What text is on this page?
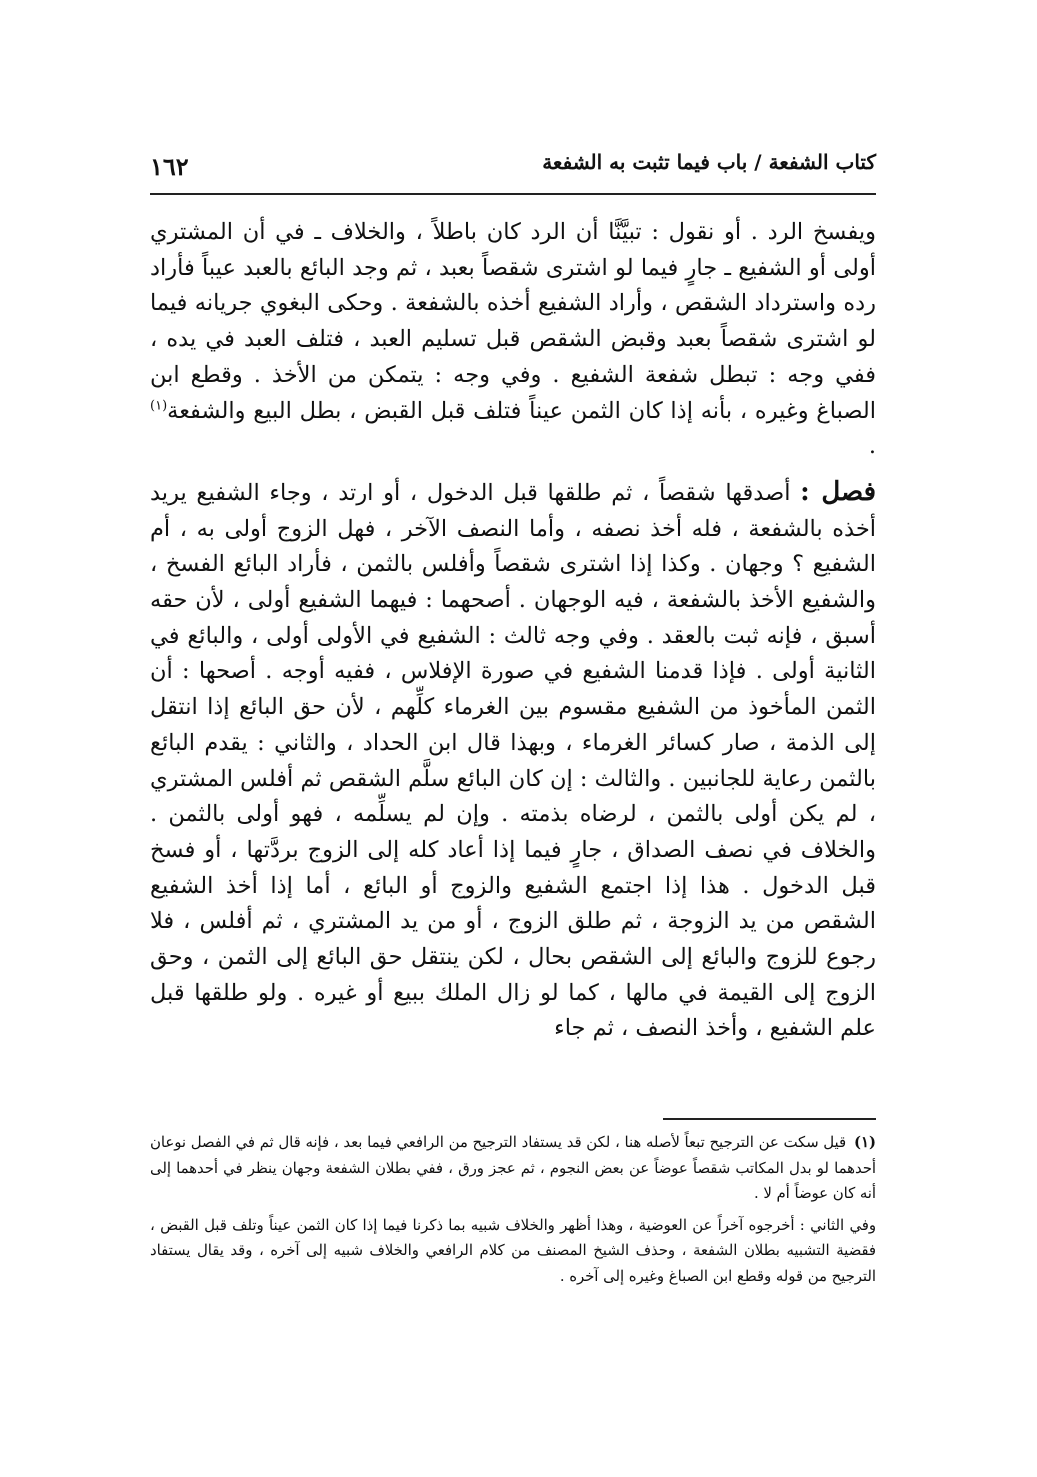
كتاب الشفعة / باب فيما تثبت به الشفعة
١٦٢

ويفسخ الرد . أو نقول : تبيَّنَّا أن الرد كان باطلاً ، والخلاف ـ في أن المشتري أولى أو الشفيع ـ جارٍ فيما لو اشترى شقصاً بعبد ، ثم وجد البائع بالعبد عيباً فأراد رده واسترداد الشقص ، وأراد الشفيع أخذه بالشفعة . وحكى البغوي جريانه فيما لو اشترى شقصاً بعبد وقبض الشقص قبل تسليم العبد ، فتلف العبد في يده ، ففي وجه : تبطل شفعة الشفيع . وفي وجه : يتمكن من الأخذ . وقطع ابن الصباغ وغيره ، بأنه إذا كان الثمن عيناً فتلف قبل القبض ، بطل البيع والشفعة$^{(١)}$ .

فصل : أصدقها شقصاً ، ثم طلقها قبل الدخول ، أو ارتد ، وجاء الشفيع يريد أخذه بالشفعة ، فله أخذ نصفه ، وأما النصف الآخر ، فهل الزوج أولى به ، أم الشفيع ؟ وجهان . وكذا إذا اشترى شقصاً وأفلس بالثمن ، فأراد البائع الفسخ ، والشفيع الأخذ بالشفعة ، فيه الوجهان . أصحهما : فيهما الشفيع أولى ، لأن حقه أسبق ، فإنه ثبت بالعقد . وفي وجه ثالث : الشفيع في الأولى أولى ، والبائع في الثانية أولى . فإذا قدمنا الشفيع في صورة الإفلاس ، ففيه أوجه . أصحها : أن الثمن المأخوذ من الشفيع مقسوم بين الغرماء كلِّهم ، لأن حق البائع إذا انتقل إلى الذمة ، صار كسائر الغرماء ، وبهذا قال ابن الحداد ، والثاني : يقدم البائع بالثمن رعاية للجانبين . والثالث : إن كان البائع سلَّم الشقص ثم أفلس المشتري ، لم يكن أولى بالثمن ، لرضاه بذمته . وإن لم يسلِّمه ، فهو أولى بالثمن . والخلاف في نصف الصداق ، جارٍ فيما إذا أعاد كله إلى الزوج بردَّتها ، أو فسخ قبل الدخول . هذا إذا اجتمع الشفيع والزوج أو البائع ، أما إذا أخذ الشفيع الشقص من يد الزوجة ، ثم طلق الزوج ، أو من يد المشتري ، ثم أفلس ، فلا رجوع للزوج والبائع إلى الشقص بحال ، لكن ينتقل حق البائع إلى الثمن ، وحق الزوج إلى القيمة في مالها ، كما لو زال الملك ببيع أو غيره . ولو طلقها قبل علم الشفيع ، وأخذ النصف ، ثم جاء

(١)قيل سكت عن الترجيح تبعاً لأصله هنا ، لكن قد يستفاد الترجيح من الرافعي فيما بعد ، فإنه قال ثم في الفصل نوعان أحدهما لو بدل المكاتب شقصاً عوضاً عن بعض النجوم ، ثم عجز ورق ، ففي بطلان الشفعة وجهان ينظر في أحدهما إلى أنه كان عوضاً أم لا .

وفي الثاني : أخرجوه آخراً عن العوضية ، وهذا أظهر والخلاف شبيه بما ذكرنا فيما إذا كان الثمن عيناً وتلف قبل القبض ، فقضية التشبيه بطلان الشفعة ، وحذف الشيخ المصنف من كلام الرافعي والخلاف شبيه إلى آخره ، وقد يقال يستفاد الترجيح من قوله وقطع ابن الصباغ وغيره إلى آخره .
